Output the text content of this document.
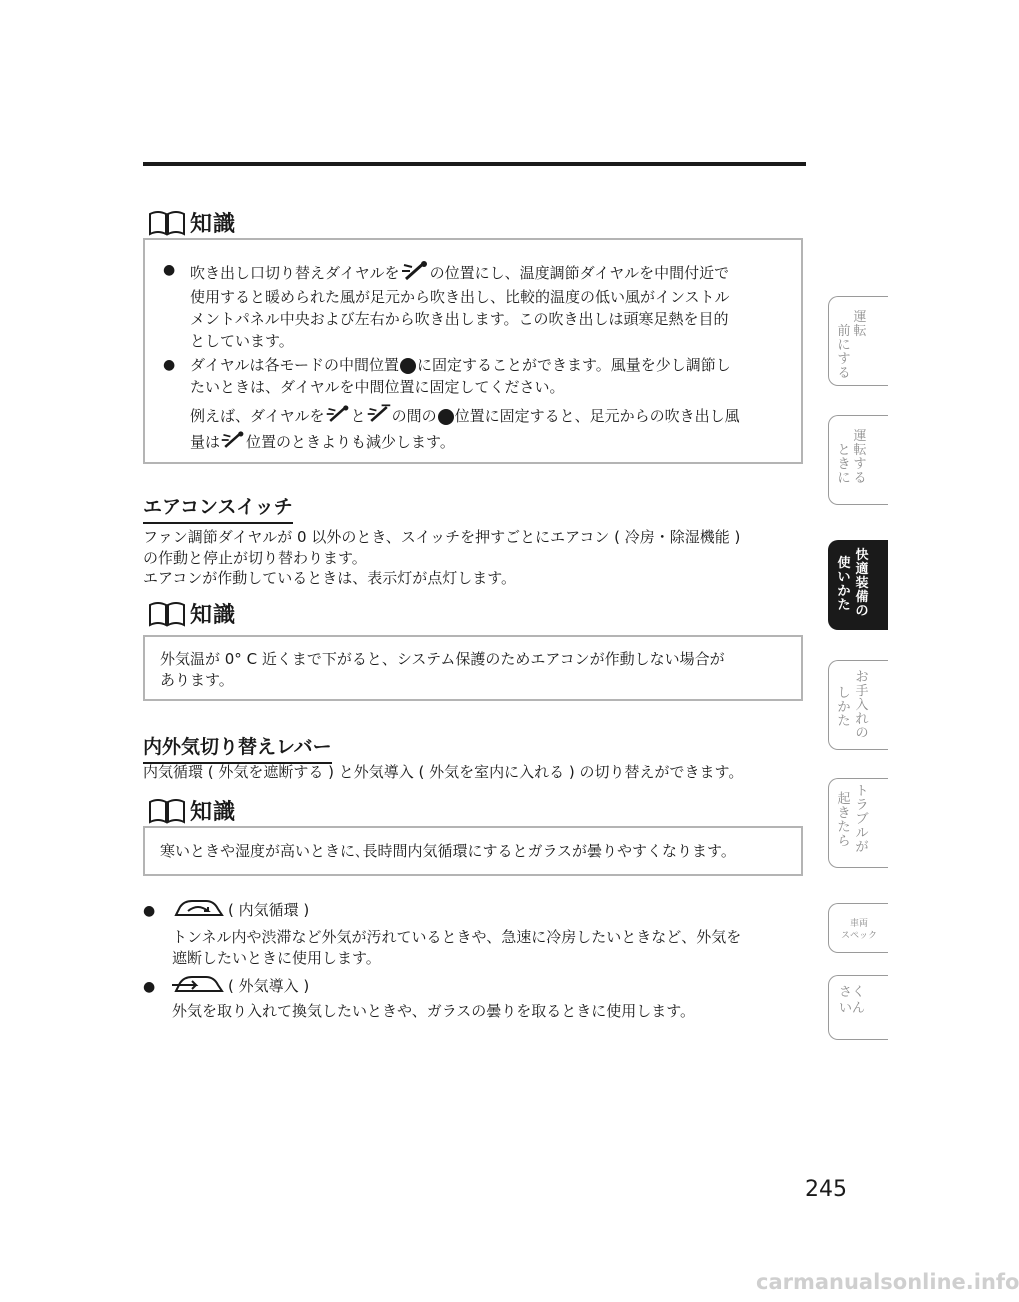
知識
● 吹き出し口切り替えダイヤルを の位置にし、温度調節ダイヤルを中間付近で
使用すると暖められた風が足元から吹き出し、比較的温度の低い風がインストル
メントパネル中央および左右から吹き出します。この吹き出しは頭寒足熱を目的
としています。
● ダイヤルは各モードの中間位置 に固定することができます。風量を少し調節し
たいときは、ダイヤルを中間位置に固定してください。
例えば、ダイヤルを と の間の 位置に固定すると、足元からの吹き出し風
量は 位置のときよりも減少します。
エアコンスイッチ
ファン調節ダイヤルが 0 以外のとき、スイッチを押すごとにエアコン ( 冷房・除湿機能 )
の作動と停止が切り替わります。
エアコンが作動しているときは、表示灯が点灯します。
知識
外気温が 0° C 近くまで下がると、システム保護のためエアコンが作動しない場合が
あります。
内外気切り替えレバー
内気循環 ( 外気を遮断する ) と外気導入 ( 外気を室内に入れる ) の切り替えができます。
知識
寒いときや湿度が高いときに､長時間内気循環にするとガラスが曇りやすくなります。
●	( 内気循環 )
トンネル内や渋滞など外気が汚れているときや、急速に冷房したいときなど、外気を
遮断したいときに使用します。
●	( 外気導入 )
外気を取り入れて換気したいときや、ガラスの曇りを取るときに使用します。
運転
前にする
運転する
ときに
快適装備の
使いかた
お手入れの
しかた
トラブルが
起きたら
車両
スペック
さく
いん
245
carmanualsonline.info
